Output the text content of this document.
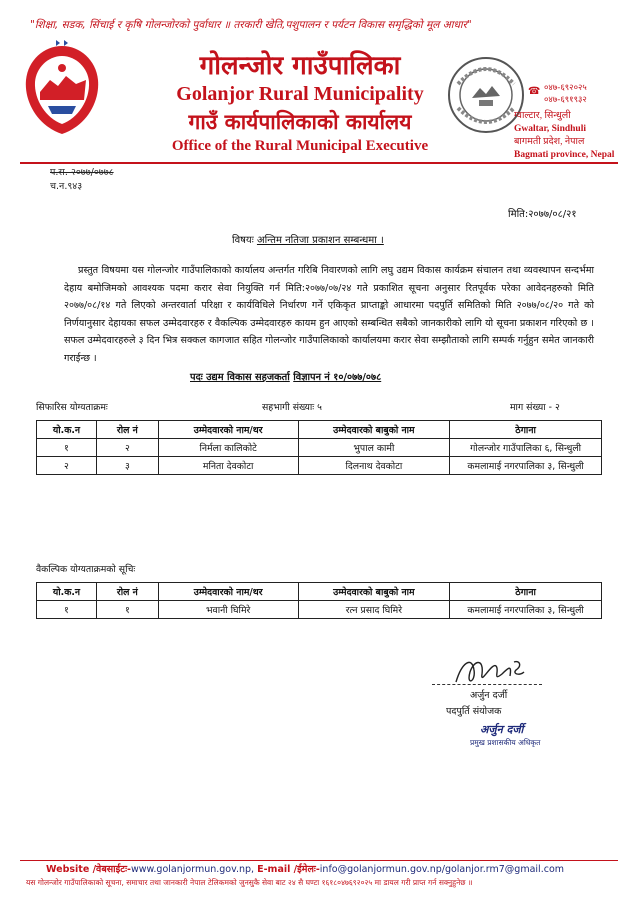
"शिक्षा, सडक, सिंचाई र कृषि गोलन्जोरको पुर्वाधार ॥ तरकारी खेति,पशुपालन र पर्यटन विकास समृद्धिको मूल आधार"
गोलन्जोर गाउँपालिका
Golanjor Rural Municipality
गाउँ कार्यपालिकाको कार्यालय
Office of the Rural Municipal Executive
☎ ०४७-६९२०२५
०४७-६९१९३२
ग्वाल्टार, सिन्धुली
Gwaltar, Sindhuli
बागमती प्रदेश, नेपाल
Bagmati province, Nepal
प.स. २०७७/०७७८
च.न.९४३
मिति:२०७७/०८/२१
विषयः अन्तिम नतिजा प्रकाशन सम्बन्धमा ।
प्रस्तुत विषयमा यस गोलन्जोर गाउँपालिकाको कार्यालय अन्तर्गत गरिबि निवारणको लागि लघु उद्यम विकास कार्यक्रम संचालन तथा व्यवस्थापन सन्दर्भमा देहाय बमोजिमको आवश्यक पदमा करार सेवा नियुक्ति गर्न मिति:२०७७/०७/२४ गते प्रकाशित सूचना अनुसार रितपूर्वक परेका आवेदनहरुको मिति २०७७/०८/१४ गते लिएको अन्तरवार्ता परिक्षा र कार्यविधिले निर्धारण गर्ने एकिकृत प्राप्ताङ्को आधारमा पदपुर्ति समितिको मिति २०७७/०८/२० गते को निर्णयानुसार देहायका सफल उम्मेदवारहरु र वैकल्पिक उम्मेदवारहरु कायम हुन आएको सम्बन्धित सबैको जानकारीको लागि यो सूचना प्रकाशन गरिएको छ ।सफल उम्मेदवारहरुले ३ दिन भित्र सक्कल कागजात सहित गोलन्जोर गाउँपालिकाको कार्यालयमा करार सेवा सम्झौताको लागि सम्पर्क गर्नुहुन समेत जानकारी गराईन्छ ।
पदः उद्यम विकास सहजकर्ता विज्ञापन नं १०/०७७/०७८
सिफारिस योग्यताक्रमः	सहभागी संख्याः ५	माग संख्या - २
यो.क.न	रोल नं	उम्मेदवारको नाम/थर	उम्मेदवारको बाबुको नाम	ठेगाना
१	२	निर्मला कालिकोटे	भुपाल कामी	गोलन्जोर गाउँपालिका ६, सिन्धुली
२	३	मनिता देवकोटा	दिलनाथ देवकोटा	कमलामाई नगरपालिका ३, सिन्धुली
वैकल्पिक योग्यताक्रमको सूचिः
यो.क.न	रोल नं	उम्मेदवारको नाम/थर	उम्मेदवारको बाबुको नाम	ठेगाना
१	१	भवानी घिमिरे	रत्न प्रसाद घिमिरे	कमलामाई नगरपालिका ३, सिन्धुली
अर्जुन दर्जी
पदपुर्ति संयोजक
अर्जुन दर्जी
प्रमुख प्रशासकीय अधिकृत
Website /वेबसाईटः-www.golanjormun.gov.np, E-mail /ईमेलः-info@golanjormun.gov.np/golanjor.rm7@gmail.com
यस गोलन्जोर गाउँपालिकाको सूचना, समाचार तथा जानकारी नेपाल टेलिकमको जुनसुकै सेवा बाट २४ सै घण्टा १६१८०४७६९२०२५ मा डायल गरी प्राप्त गर्न सक्नुहुनेछ ॥
